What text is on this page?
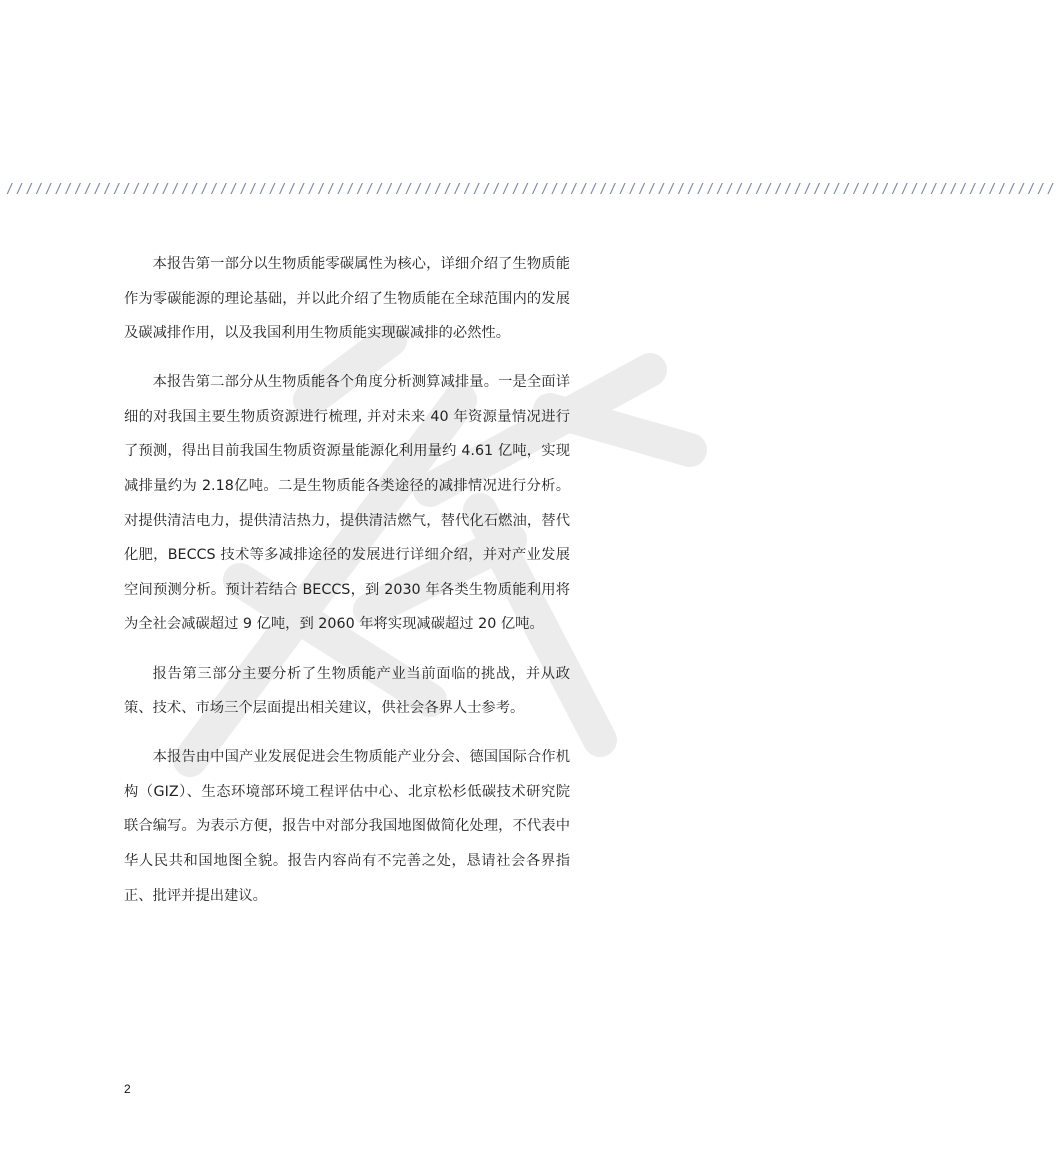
////////////////////////////////////////////////////////////////////////////////////////////////////////////

本报告第一部分以生物质能零碳属性为核心，详细介绍了生物质能作为零碳能源的理论基础，并以此介绍了生物质能在全球范围内的发展及碳减排作用，以及我国利用生物质能实现碳减排的必然性。

本报告第二部分从生物质能各个角度分析测算减排量。一是全面详细的对我国主要生物质资源进行梳理, 并对未来 40 年资源量情况进行了预测，得出目前我国生物质资源量能源化利用量约 4.61 亿吨，实现减排量约为 2.18亿吨。二是生物质能各类途径的减排情况进行分析。对提供清洁电力，提供清洁热力，提供清洁燃气，替代化石燃油，替代化肥，BECCS 技术等多减排途径的发展进行详细介绍，并对产业发展空间预测分析。预计若结合 BECCS，到 2030 年各类生物质能利用将为全社会减碳超过 9 亿吨，到 2060 年将实现减碳超过 20 亿吨。

报告第三部分主要分析了生物质能产业当前面临的挑战，并从政策、技术、市场三个层面提出相关建议，供社会各界人士参考。

本报告由中国产业发展促进会生物质能产业分会、德国国际合作机构（GIZ）、生态环境部环境工程评估中心、北京松杉低碳技术研究院联合编写。为表示方便，报告中对部分我国地图做简化处理，不代表中华人民共和国地图全貌。报告内容尚有不完善之处，恳请社会各界指正、批评并提出建议。

2
